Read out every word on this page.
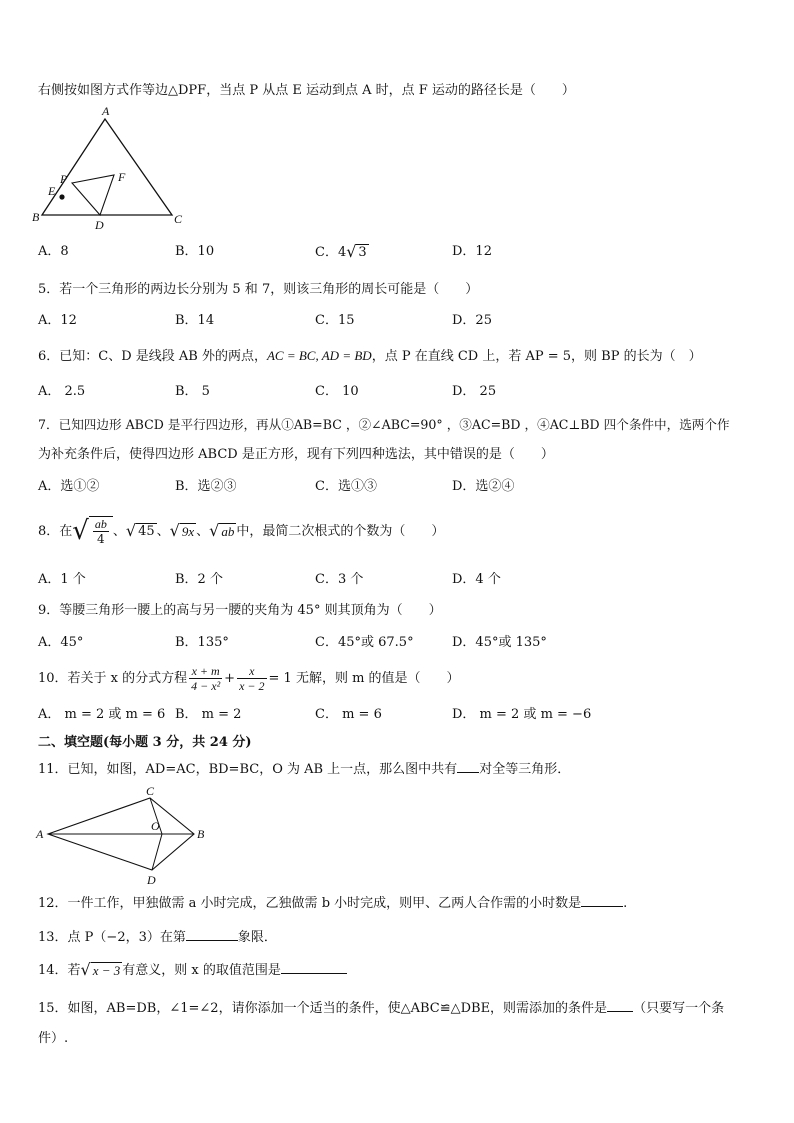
右侧按如图方式作等边△DPF，当点 P 从点 E 运动到点 A 时，点 F 运动的路径长是（　　）
A
B	C
D
E
F
P
A．8	B．10	C．4√ 3	D．12
5．若一个三角形的两边长分别为 5 和 7，则该三角形的周长可能是（　　）
A．12	B．14	C．15	D．25
6．已知：C、D 是线段 AB 外的两点，AC = BC, AD = BD，点 P 在直线 CD 上，若 AP = 5，则 BP 的长为（　）
A． 2.5	B． 5	C． 10	D． 25
7．已知四边形 ABCD 是平行四边形，再从①AB=BC ，②∠ABC=90° ，③AC=BD ，④AC⊥BD 四个条件中，选两个作
为补充条件后，使得四边形 ABCD 是正方形，现有下列四种选法，其中错误的是（　　）
A．选①②	B．选②③	C．选①③	D．选②④
8．在√ $\frac{ab}{4}$ 、√ 45 、√ 9x 、√ ab 中，最简二次根式的个数为（　　）
A．1 个	B．2 个	C．3 个	D．4 个
9．等腰三角形一腰上的高与另一腰的夹角为 45° 则其顶角为（　　）
A．45°	B．135°	C．45°或 67.5°	D．45°或 135°
10．若关于 x 的分式方程 $\frac{x + m}{\text{4 − x²}} + \frac{x}{x - 2} = 1$ 无解，则 m 的值是（　　）
A． m = 2 或 m = 6 B． m = 2	C． m = 6	D． m = 2 或 m = −6
二、填空题(每小题 3 分，共 24 分)
11．已知，如图，AD=AC，BD=BC，O 为 AB 上一点，那么图中共有 对全等三角形．
A	B
C
D
O
12．一件工作，甲独做需 a 小时完成，乙独做需 b 小时完成，则甲、乙两人合作需的小时数是	.
13．点 P（−2，3）在第	象限．
14．若√ x − 3 有意义，则 x 的取值范围是
15．如图，AB=DB，∠1=∠2，请你添加一个适当的条件，使△ABC≌△DBE，则需添加的条件是 （只要写一个条
件）.
